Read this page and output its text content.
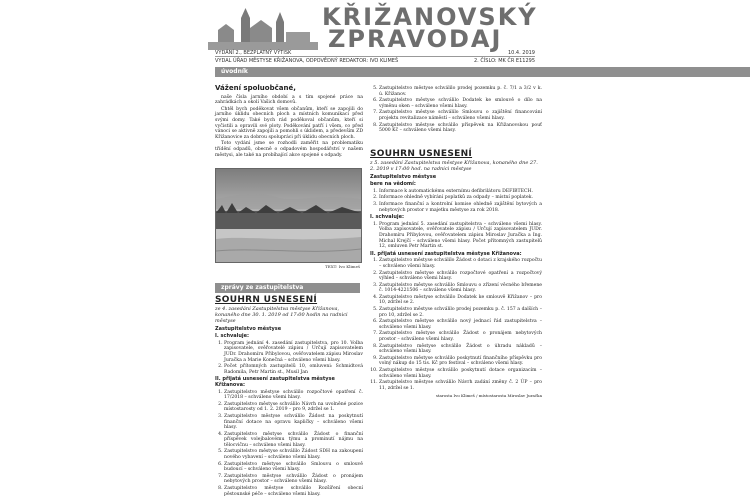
KŘIŽANOVSKÝ
ZPRAVODAJ
VYDÁNÍ 2., BEZPLATNÝ VÝTISK	10.4. 2019
VYDAL ÚŘAD MĚSTYSE KŘIŽANOVA, ODPOVĚDNÝ REDAKTOR: IVO KLIMEŠ	2. ČÍSLO: MK ČR E11295
úvodník
Vážení spoluobčané,

naše čísla jarního období a s tím spojené práce na zahrádkách a okolí Vašich domovů.

Chtěl bych poděkovat všem občanům, kteří se zapojili do jarního úklidu obecních ploch a místních komunikací před svými domy. Také bych rád poděkoval občanům, kteří si vyčistili a opravili své ploty. Poděkování patří i všem, co před vánoci se aktivně zapojili a pomohli s úklidem, a především ZD Křižanovice za dobrou spolupráci při úklidu obecních ploch.

Toto vydání jsme se rozhodli zaměřit na problematiku třídění odpadů, obecně o odpadovém hospodářství v našem městysi, ale také na probíhající akce spojené s odpady.

TEXT: Ivo Klimeš
zprávy ze zastupitelstva
SOUHRN USNESENÍ
ze 4. zasedání Zastupitelstva městyse Křižanova, konaného dne 30. 1. 2019 od 17:00 hodin na radnici městyse
Zastupitelstvo městyse
I. schvaluje:
1. Program jednání 4. zasedání zastupitelstva, pro 10. Volba zapisovatele, ověřovatelé zápisu / Určují zapisovatelem JUDr. Drahomíru Přibylovou, ověřovatelem zápisu Miroslav Juračka a Marie Konečná – schváleno všemi hlasy.
2. Počet přítomných zastupitelů 10, omluveni: Schmidtová Radomila, Petr Martin st., Musil Jan
II. přijatá usnesení zastupitelstva městyse Křižanova:
1. Zastupitelstvo městyse schválilo rozpočtové opatření č. 17/2018 – schváleno všemi hlasy.
2. Zastupitelstvo městyse schválilo Návrh na uvolněné pozice místostarosty od 1. 2. 2019 – pro 9, zdržel se 1.
3. Zastupitelstvo městyse schválilo Žádost na poskytnutí finanční dotace na opravu kapličky – schváleno všemi hlasy.
4. Zastupitelstvo městyse schválilo Žádost o finanční příspěvek volejbalovému týmu a prominutí nájmu na tělocvičnu – schváleno všemi hlasy.
5. Zastupitelstvo městyse schválilo Žádost SDH na zakoupení nového vybavení – schváleno všemi hlasy.
6. Zastupitelstvo městyse schválilo Smlouvu o smlouvě budoucí – schváleno všemi hlasy.
7. Zastupitelstvo městyse schválilo Žádost o pronájem nebytových prostor – schváleno všemi hlasy.
8. Zastupitelstvo městyse schválilo Rozšíření obecní pěstounské péče – schváleno všemi hlasy.
5. Zastupitelstvo městyse schválilo prodej pozemku p. č. 7/1 a 3/2 v k. ú. Křižanov.
6. Zastupitelstvo městyse schválilo Dodatek ke smlouvě o dílo na výměnu oken – schváleno všemi hlasy.
7. Zastupitelstvo městyse schválilo Smlouvu o zajištění financování projektu revitalizace náměstí – schváleno všemi hlasy.
8. Zastupitelstvo městyse schválilo příspěvek na Křižanovskou pouť 5000 Kč – schváleno všemi hlasy.
SOUHRN USNESENÍ
z 5. zasedání Zastupitelstva městyse Křižanova, konaného dne 27. 2. 2019 v 17:00 hod. na radnici městyse
Zastupitelstvo městyse
bere na vědomí:
1. Informace k automatickému externímu defibrilátoru DEFIBTECH.
2. Informace ohledně vybírání poplatků za odpady – místní poplatek.
3. Informace finanční a kontrolní komise ohledně zajištění bytových a nebytových prostor v majetku městyse za rok 2018.
I. schvaluje:
1. Program jednání 5. zasedání zastupitelstva – schváleno všemi hlasy. Volba zapisovatele, ověřovatele zápisu / Určují zapisovatelem JUDr. Drahomíru Přibylovou, ověřovatelem zápisu Miroslav Juračka a Ing. Michal Krejčí – schváleno všemi hlasy. Počet přítomných zastupitelů 12, omluven Petr Martin st.
II. přijatá usnesení zastupitelstva městyse Křižanova:
1. Zastupitelstvo městyse schválilo Žádost o dotaci z krajského rozpočtu – schváleno všemi hlasy.
2. Zastupitelstvo městyse schválilo rozpočtové opatření a rozpočtový výhled – schváleno všemi hlasy.
3. Zastupitelstvo městyse schválilo Smlouvu o zřízení věcného břemene č. 1014-4221506 – schváleno všemi hlasy.
4. Zastupitelstvo městyse schválilo Dodatek ke smlouvě Křižanov – pro 10, zdržel se 2.
5. Zastupitelstvo městyse schválilo prodej pozemku p. č. 157 a dalších – pro 10, zdržel se 2.
6. Zastupitelstvo městyse schválilo nový jednací řád zastupitelstva – schváleno všemi hlasy.
7. Zastupitelstvo městyse schválilo Žádost o pronájem nebytových prostor – schváleno všemi hlasy.
8. Zastupitelstvo městyse schválilo Žádost o úhradu nákladů – schváleno všemi hlasy.
9. Zastupitelstvo městyse schválilo poskytnutí finančního příspěvku pro volný nákup do 15 tis. Kč pro festival – schváleno všemi hlasy.
10. Zastupitelstvo městyse schválilo poskytnutí dotace organizacím – schváleno všemi hlasy.
11. Zastupitelstvo městyse schválilo Návrh zadání změny č. 2 ÚP – pro 11, zdržel se 1.
starosta Ivo Klimeš / místostarosta Miroslav Juračka
